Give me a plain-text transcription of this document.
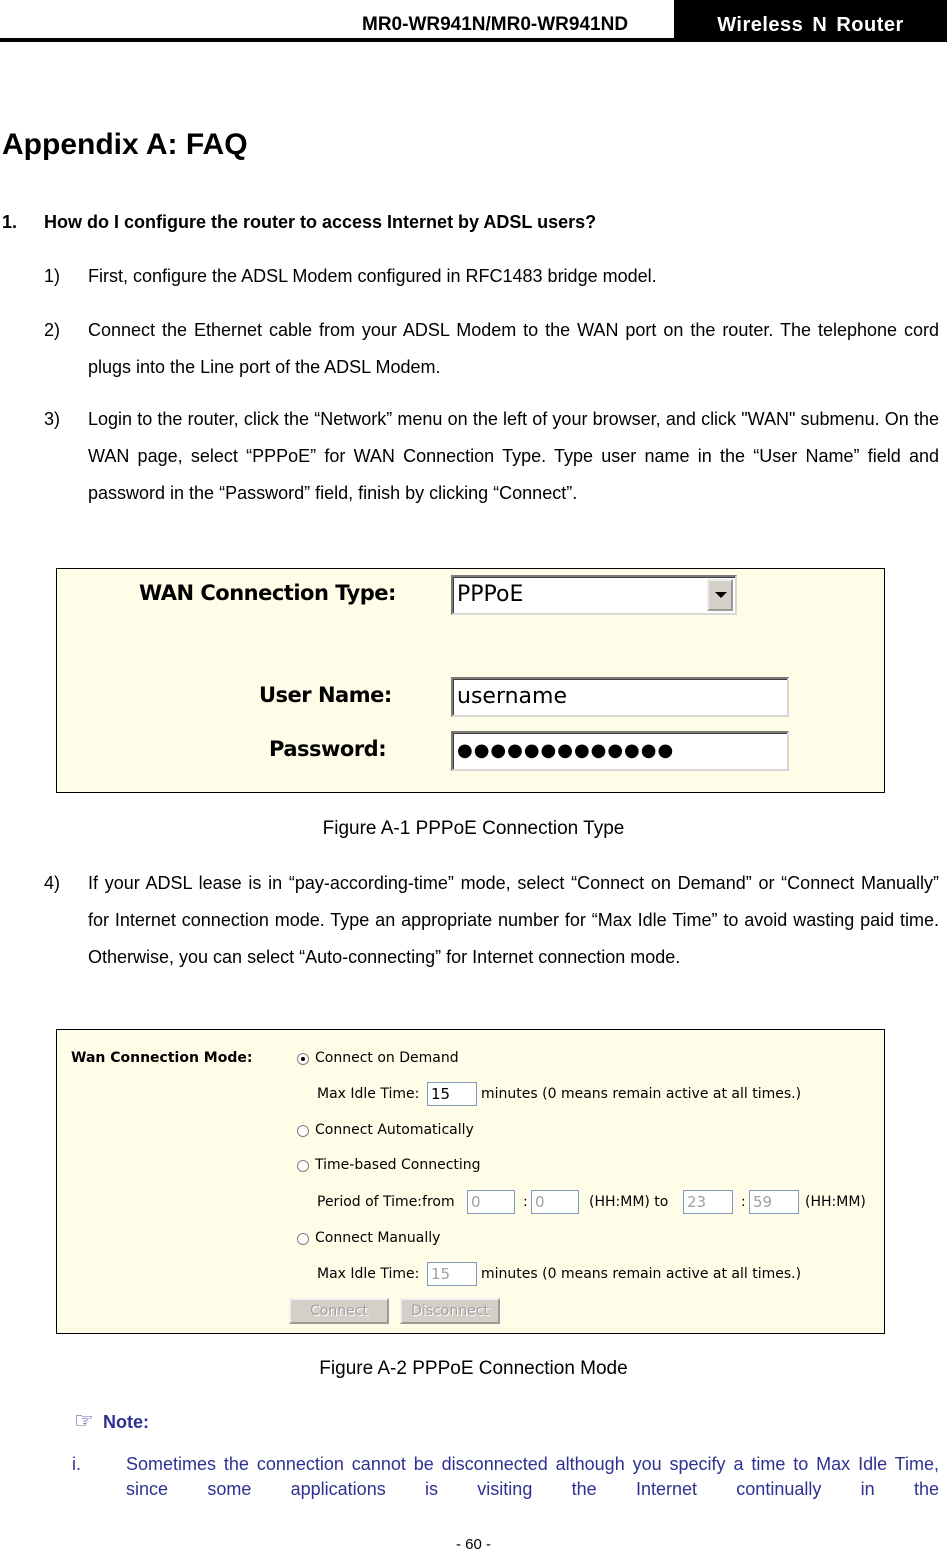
MR0-WR941N/MR0-WR941ND	Wireless N Router
Appendix A: FAQ
1. How do I configure the router to access Internet by ADSL users?
1) First, configure the ADSL Modem configured in RFC1483 bridge model.
2) Connect the Ethernet cable from your ADSL Modem to the WAN port on the router. The telephone cord plugs into the Line port of the ADSL Modem.
3) Login to the router, click the “Network” menu on the left of your browser, and click "WAN" submenu. On the WAN page, select “PPPoE” for WAN Connection Type. Type user name in the “User Name” field and password in the “Password” field, finish by clicking “Connect”.
WAN Connection Type:	PPPoE
User Name:	username
Password:	●●●●●●●●●●●●●
Figure A-1 PPPoE Connection Type
4) If your ADSL lease is in “pay-according-time” mode, select “Connect on Demand” or “Connect Manually” for Internet connection mode. Type an appropriate number for “Max Idle Time” to avoid wasting paid time. Otherwise, you can select “Auto-connecting” for Internet connection mode.
Wan Connection Mode:	Connect on Demand
Max Idle Time: 15	minutes (0 means remain active at all times.)
Connect Automatically
Time-based Connecting
Period of Time:from 0	: 0	(HH:MM) to 23	: 59	(HH:MM)
Connect Manually
Max Idle Time: 15	minutes (0 means remain active at all times.)
Connect	Disconnect
Figure A-2 PPPoE Connection Mode
☞ Note:
i.	Sometimes the connection cannot be disconnected although you specify a time to Max Idle Time, since some applications is visiting the Internet continually in the
- 60 -
